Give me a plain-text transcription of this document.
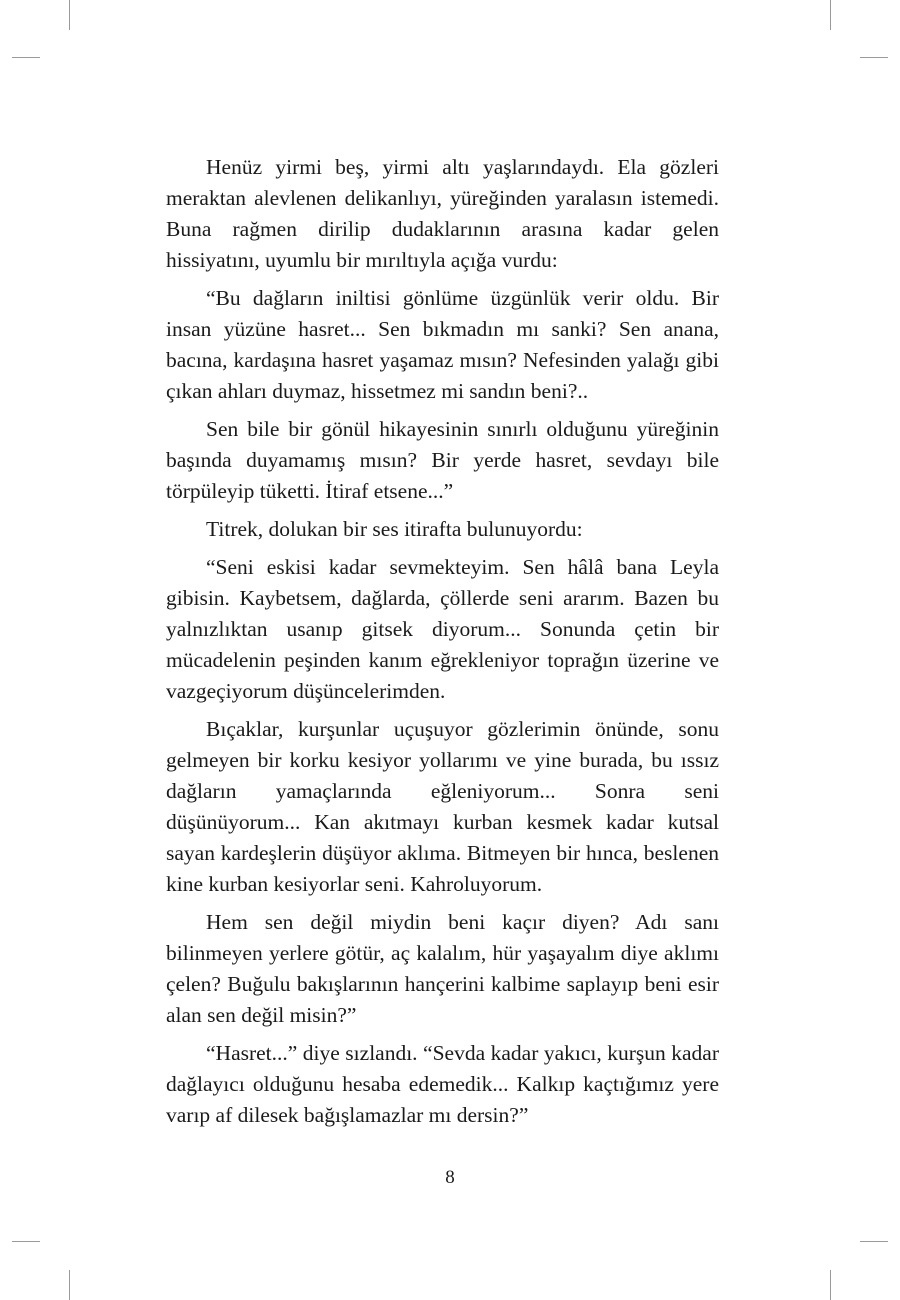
Henüz yirmi beş, yirmi altı yaşlarındaydı. Ela gözleri meraktan alevlenen delikanlıyı, yüreğinden yaralasın istemedi. Buna rağmen dirilip dudaklarının arasına kadar gelen hissiyatını, uyumlu bir mırıltıyla açığa vurdu:

“Bu dağların iniltisi gönlüme üzgünlük verir oldu. Bir insan yüzüne hasret... Sen bıkmadın mı sanki? Sen anana, bacına, kardaşına hasret yaşamaz mısın? Nefesinden yalağı gibi çıkan ahları duymaz, hissetmez mi sandın beni?..

Sen bile bir gönül hikayesinin sınırlı olduğunu yüreğinin başında duyamamış mısın? Bir yerde hasret, sevdayı bile törpüleyip tüketti. İtiraf etsene...”

Titrek, dolukan bir ses itirafta bulunuyordu:

“Seni eskisi kadar sevmekteyim. Sen hâlâ bana Leyla gibisin. Kaybetsem, dağlarda, çöllerde seni ararım. Bazen bu yalnızlıktan usanıp gitsek diyorum... Sonunda çetin bir mücadelenin peşinden kanım eğrekleniyor toprağın üzerine ve vazgeçiyorum düşüncelerimden.

Bıçaklar, kurşunlar uçuşuyor gözlerimin önünde, sonu gelmeyen bir korku kesiyor yollarımı ve yine burada, bu ıssız dağların yamaçlarında eğleniyorum... Sonra seni düşünüyorum... Kan akıtmayı kurban kesmek kadar kutsal sayan kardeşlerin düşüyor aklıma. Bitmeyen bir hınca, beslenen kine kurban kesiyorlar seni. Kahroluyorum.

Hem sen değil miydin beni kaçır diyen? Adı sanı bilinmeyen yerlere götür, aç kalalım, hür yaşayalım diye aklımı çelen? Buğulu bakışlarının hançerini kalbime saplayıp beni esir alan sen değil misin?”

“Hasret...” diye sızlandı. “Sevda kadar yakıcı, kurşun kadar dağlayıcı olduğunu hesaba edemedik... Kalkıp kaçtığımız yere varıp af dilesek bağışlamazlar mı dersin?”

8
